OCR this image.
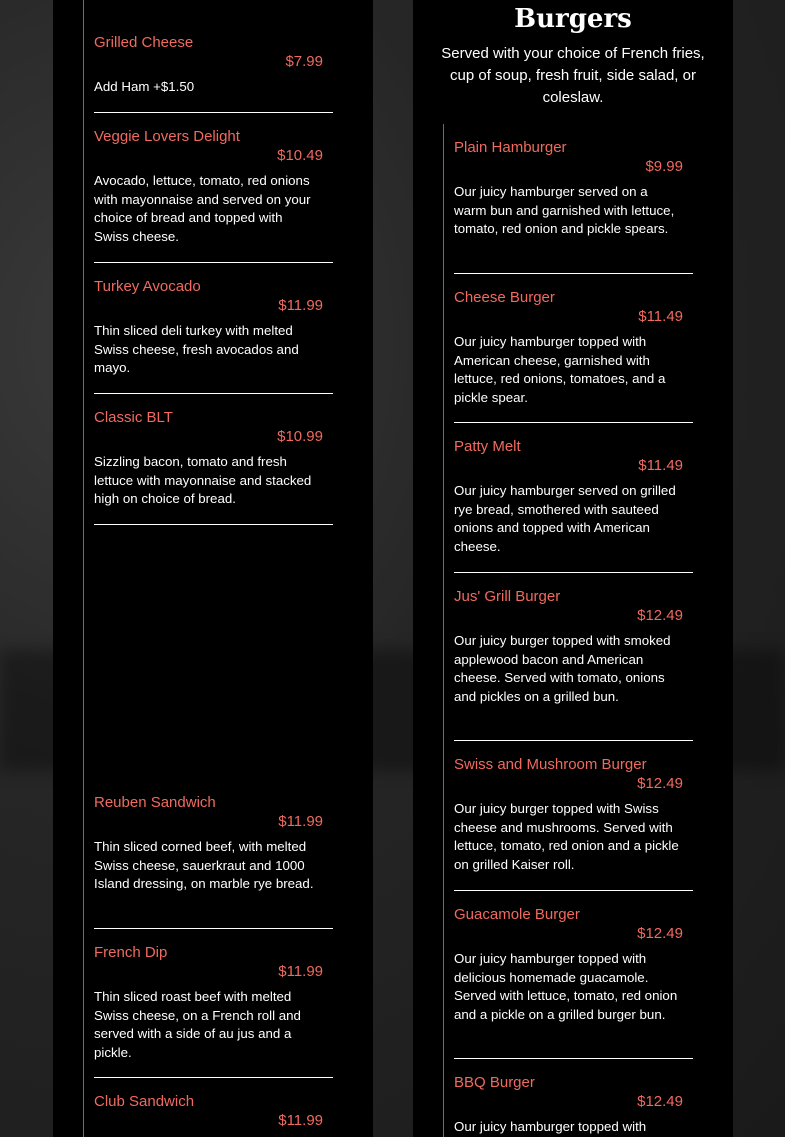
Grilled Cheese
$7.99
Add Ham +$1.50
Veggie Lovers Delight
$10.49
Avocado, lettuce, tomato, red onions with mayonnaise and served on your choice of bread and topped with Swiss cheese.
Turkey Avocado
$11.99
Thin sliced deli turkey with melted Swiss cheese, fresh avocados and mayo.
Classic BLT
$10.99
Sizzling bacon, tomato and fresh lettuce with mayonnaise and stacked high on choice of bread.
Reuben Sandwich
$11.99
Thin sliced corned beef, with melted Swiss cheese, sauerkraut and 1000 Island dressing, on marble rye bread.
French Dip
$11.99
Thin sliced roast beef with melted Swiss cheese, on a French roll and served with a side of au jus and a pickle.
Club Sandwich
$11.99
Burgers
Served with your choice of French fries, cup of soup, fresh fruit, side salad, or coleslaw.
Plain Hamburger
$9.99
Our juicy hamburger served on a warm bun and garnished with lettuce, tomato, red onion and pickle spears.
Cheese Burger
$11.49
Our juicy hamburger topped with American cheese, garnished with lettuce, red onions, tomatoes, and a pickle spear.
Patty Melt
$11.49
Our juicy hamburger served on grilled rye bread, smothered with sauteed onions and topped with American cheese.
Jus' Grill Burger
$12.49
Our juicy burger topped with smoked applewood bacon and American cheese. Served with tomato, onions and pickles on a grilled bun.
Swiss and Mushroom Burger
$12.49
Our juicy burger topped with Swiss cheese and mushrooms. Served with lettuce, tomato, red onion and a pickle on grilled Kaiser roll.
Guacamole Burger
$12.49
Our juicy hamburger topped with delicious homemade guacamole. Served with lettuce, tomato, red onion and a pickle on a grilled burger bun.
BBQ Burger
$12.49
Our juicy hamburger topped with
